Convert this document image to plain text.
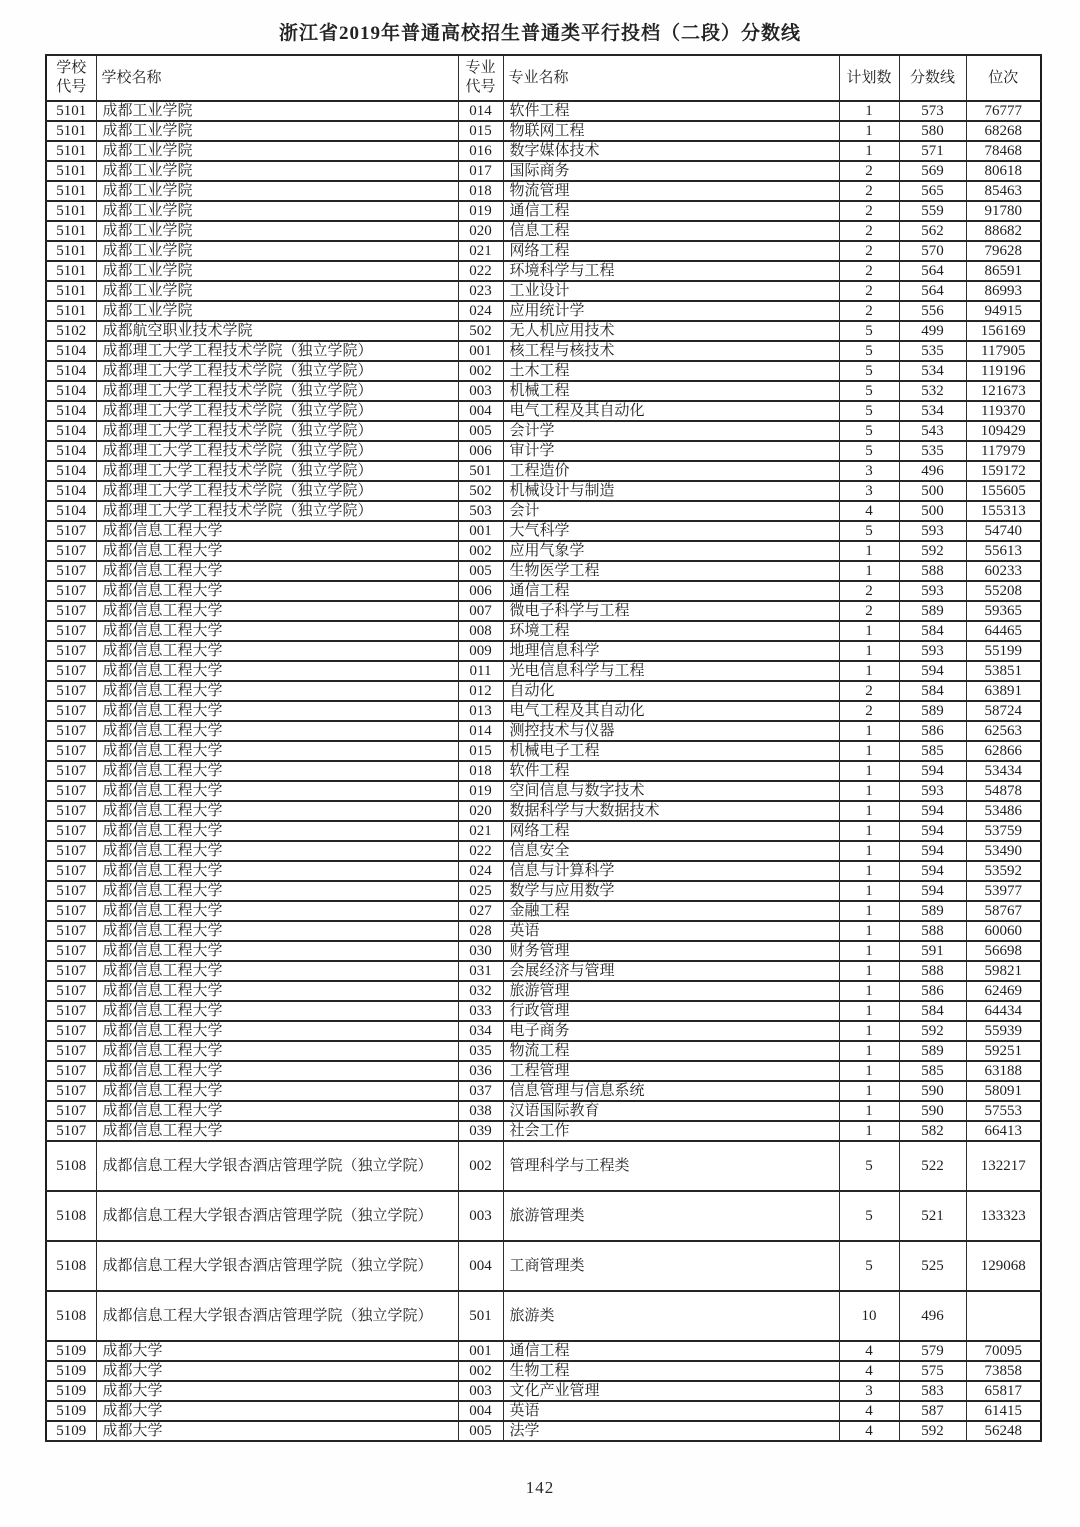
浙江省2019年普通高校招生普通类平行投档（二段）分数线
学校代号	学校名称	专业代号	专业名称	计划数	分数线	位次
5101	成都工业学院	014	软件工程	1	573	76777
5101	成都工业学院	015	物联网工程	1	580	68268
5101	成都工业学院	016	数字媒体技术	1	571	78468
5101	成都工业学院	017	国际商务	2	569	80618
5101	成都工业学院	018	物流管理	2	565	85463
5101	成都工业学院	019	通信工程	2	559	91780
5101	成都工业学院	020	信息工程	2	562	88682
5101	成都工业学院	021	网络工程	2	570	79628
5101	成都工业学院	022	环境科学与工程	2	564	86591
5101	成都工业学院	023	工业设计	2	564	86993
5101	成都工业学院	024	应用统计学	2	556	94915
5102	成都航空职业技术学院	502	无人机应用技术	5	499	156169
5104	成都理工大学工程技术学院（独立学院）	001	核工程与核技术	5	535	117905
5104	成都理工大学工程技术学院（独立学院）	002	土木工程	5	534	119196
5104	成都理工大学工程技术学院（独立学院）	003	机械工程	5	532	121673
5104	成都理工大学工程技术学院（独立学院）	004	电气工程及其自动化	5	534	119370
5104	成都理工大学工程技术学院（独立学院）	005	会计学	5	543	109429
5104	成都理工大学工程技术学院（独立学院）	006	审计学	5	535	117979
5104	成都理工大学工程技术学院（独立学院）	501	工程造价	3	496	159172
5104	成都理工大学工程技术学院（独立学院）	502	机械设计与制造	3	500	155605
5104	成都理工大学工程技术学院（独立学院）	503	会计	4	500	155313
5107	成都信息工程大学	001	大气科学	5	593	54740
5107	成都信息工程大学	002	应用气象学	1	592	55613
5107	成都信息工程大学	005	生物医学工程	1	588	60233
5107	成都信息工程大学	006	通信工程	2	593	55208
5107	成都信息工程大学	007	微电子科学与工程	2	589	59365
5107	成都信息工程大学	008	环境工程	1	584	64465
5107	成都信息工程大学	009	地理信息科学	1	593	55199
5107	成都信息工程大学	011	光电信息科学与工程	1	594	53851
5107	成都信息工程大学	012	自动化	2	584	63891
5107	成都信息工程大学	013	电气工程及其自动化	2	589	58724
5107	成都信息工程大学	014	测控技术与仪器	1	586	62563
5107	成都信息工程大学	015	机械电子工程	1	585	62866
5107	成都信息工程大学	018	软件工程	1	594	53434
5107	成都信息工程大学	019	空间信息与数字技术	1	593	54878
5107	成都信息工程大学	020	数据科学与大数据技术	1	594	53486
5107	成都信息工程大学	021	网络工程	1	594	53759
5107	成都信息工程大学	022	信息安全	1	594	53490
5107	成都信息工程大学	024	信息与计算科学	1	594	53592
5107	成都信息工程大学	025	数学与应用数学	1	594	53977
5107	成都信息工程大学	027	金融工程	1	589	58767
5107	成都信息工程大学	028	英语	1	588	60060
5107	成都信息工程大学	030	财务管理	1	591	56698
5107	成都信息工程大学	031	会展经济与管理	1	588	59821
5107	成都信息工程大学	032	旅游管理	1	586	62469
5107	成都信息工程大学	033	行政管理	1	584	64434
5107	成都信息工程大学	034	电子商务	1	592	55939
5107	成都信息工程大学	035	物流工程	1	589	59251
5107	成都信息工程大学	036	工程管理	1	585	63188
5107	成都信息工程大学	037	信息管理与信息系统	1	590	58091
5107	成都信息工程大学	038	汉语国际教育	1	590	57553
5107	成都信息工程大学	039	社会工作	1	582	66413
5108	成都信息工程大学银杏酒店管理学院（独立学院）	002	管理科学与工程类	5	522	132217
5108	成都信息工程大学银杏酒店管理学院（独立学院）	003	旅游管理类	5	521	133323
5108	成都信息工程大学银杏酒店管理学院（独立学院）	004	工商管理类	5	525	129068
5108	成都信息工程大学银杏酒店管理学院（独立学院）	501	旅游类	10	496	
5109	成都大学	001	通信工程	4	579	70095
5109	成都大学	002	生物工程	4	575	73858
5109	成都大学	003	文化产业管理	3	583	65817
5109	成都大学	004	英语	4	587	61415
5109	成都大学	005	法学	4	592	56248
142
